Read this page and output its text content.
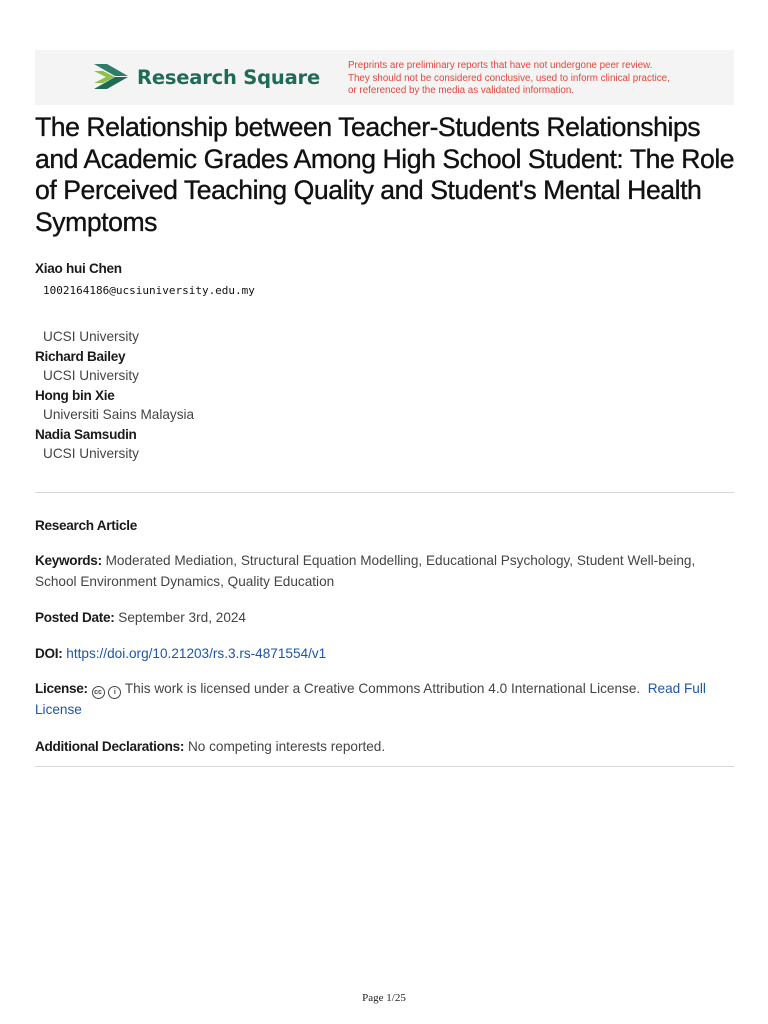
Research Square	Preprints are preliminary reports that have not undergone peer review.
They should not be considered conclusive, used to inform clinical practice,
or referenced by the media as validated information.
The Relationship between Teacher-Students Relationships and Academic Grades Among High School Student: The Role of Perceived Teaching Quality and Student's Mental Health Symptoms
Xiao hui Chen
1002164186@ucsiuniversity.edu.my
UCSI University
Richard Bailey
UCSI University
Hong bin Xie
Universiti Sains Malaysia
Nadia Samsudin
UCSI University
Research Article
Keywords: Moderated Mediation, Structural Equation Modelling, Educational Psychology, Student Well-being, School Environment Dynamics, Quality Education
Posted Date: September 3rd, 2024
DOI: https://doi.org/10.21203/rs.3.rs-4871554/v1
License: cc i This work is licensed under a Creative Commons Attribution 4.0 International License. Read Full License
Additional Declarations: No competing interests reported.
Page 1/25
